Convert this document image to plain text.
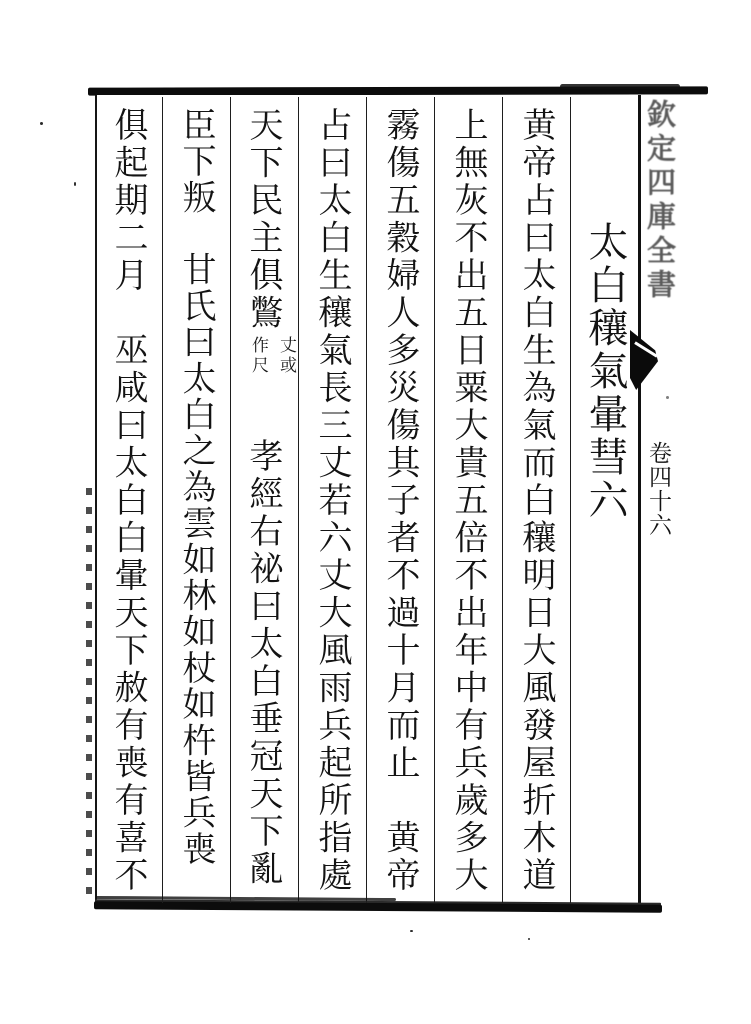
太白穰氣暈彗六
黄帝占曰太白生為氣而白穰明日大風發屋折木道
上無灰不出五日粟大貴五倍不出年中有兵歲多大
霧傷五穀婦人多災傷其子者不過十月而止　黄帝
占曰太白生穰氣長三丈若六丈大風雨兵起所指處
天下民主俱鷩
丈或
作尺
孝經右祕曰太白垂冠天下亂
臣下叛　甘氏曰太白之為雲如林如杖如杵皆兵喪
俱起期二月　巫咸曰太白白暈天下赦有喪有喜不	欽定四庫全書
卷四十六
